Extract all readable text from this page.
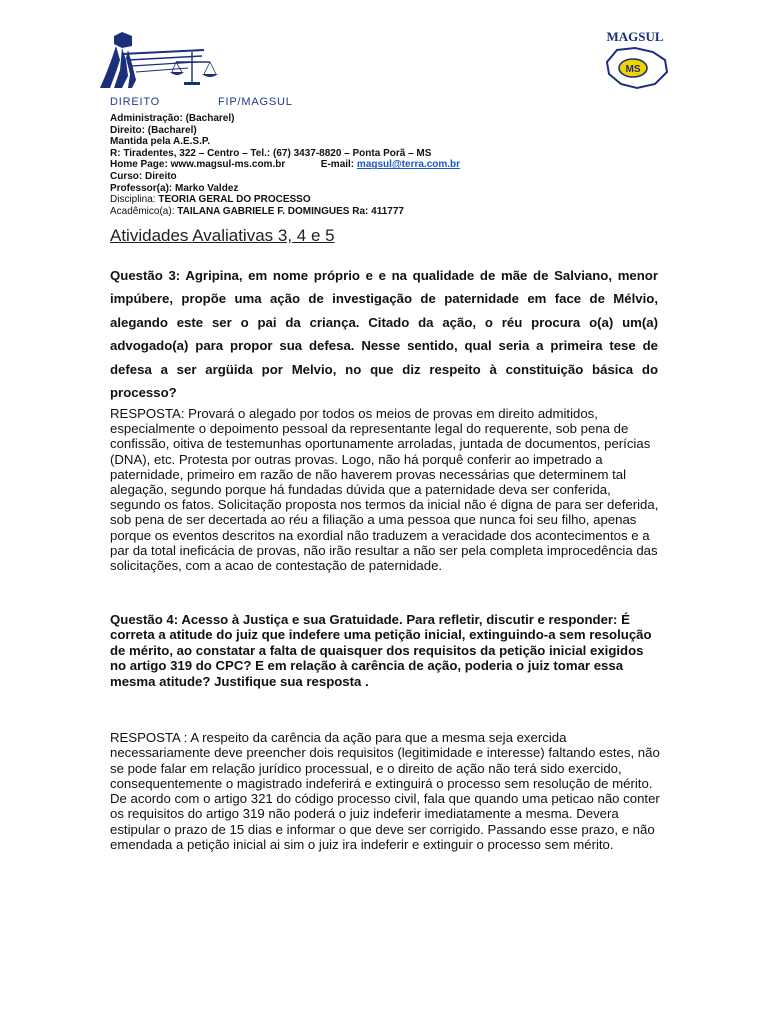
MAGSUL
MS
DIREITO	FIP/MAGSUL
Administração: (Bacharel)
Direito: (Bacharel)
Mantida pela A.E.S.P.
R: Tiradentes, 322 – Centro – Tel.: (67) 3437-8820 – Ponta Porã – MS
Home Page: www.magsul-ms.com.br	E-mail: magsul@terra.com.br
Curso: Direito
Professor(a): Marko Valdez
Disciplina: TEORIA GERAL DO PROCESSO
Acadêmico(a): TAILANA GABRIELE F. DOMINGUES Ra: 411777
Atividades Avaliativas 3, 4 e 5
Questão 3: Agripina, em nome próprio e e na qualidade de mãe de Salviano, menor impúbere, propõe uma ação de investigação de paternidade em face de Mélvio, alegando este ser o pai da criança. Citado da ação, o réu procura o(a) um(a) advogado(a) para propor sua defesa. Nesse sentido, qual seria a primeira tese de defesa a ser argüida por Melvio, no que diz respeito à constituição básica do processo?
RESPOSTA: Provará o alegado por todos os meios de provas em direito admitidos, especialmente o depoimento pessoal da representante legal do requerente, sob pena de confissão, oitiva de testemunhas oportunamente arroladas, juntada de documentos, perícias (DNA), etc. Protesta por outras provas. Logo, não há porquê conferir ao impetrado a paternidade, primeiro em razão de não haverem provas necessárias que determinem tal alegação, segundo porque há fundadas dúvida que a paternidade deva ser conferida, segundo os fatos. Solicitação proposta nos termos da inicial não é digna de para ser deferida, sob pena de ser decertada ao réu a filiação a uma pessoa que nunca foi seu filho, apenas porque os eventos descritos na exordial não traduzem a veracidade dos acontecimentos e a par da total ineficácia de provas, não irão resultar a não ser pela completa improcedência das solicitações, com a acao de contestação de paternidade.
Questão 4: Acesso à Justiça e sua Gratuidade. Para refletir, discutir e responder: É correta a atitude do juiz que indefere uma petição inicial, extinguindo-a sem resolução de mérito, ao constatar a falta de quaisquer dos requisitos da petição inicial exigidos no artigo 319 do CPC? E em relação à carência de ação, poderia o juiz tomar essa mesma atitude? Justifique sua resposta .
RESPOSTA : A respeito da carência da ação para que a mesma seja exercida necessariamente deve preencher dois requisitos (legitimidade e interesse) faltando estes, não se pode falar em relação jurídico processual, e o direito de ação não terá sido exercido, consequentemente o magistrado indeferirá e extinguirá o processo sem resolução de mérito. De acordo com o artigo 321 do código processo civil, fala que quando uma peticao não conter os requisitos do artigo 319 não poderá o juiz indeferir imediatamente a mesma. Devera estipular o prazo de 15 dias e informar o que deve ser corrigido. Passando esse prazo, e não emendada a petição inicial ai sim o juiz ira indeferir e extinguir o processo sem mérito.
